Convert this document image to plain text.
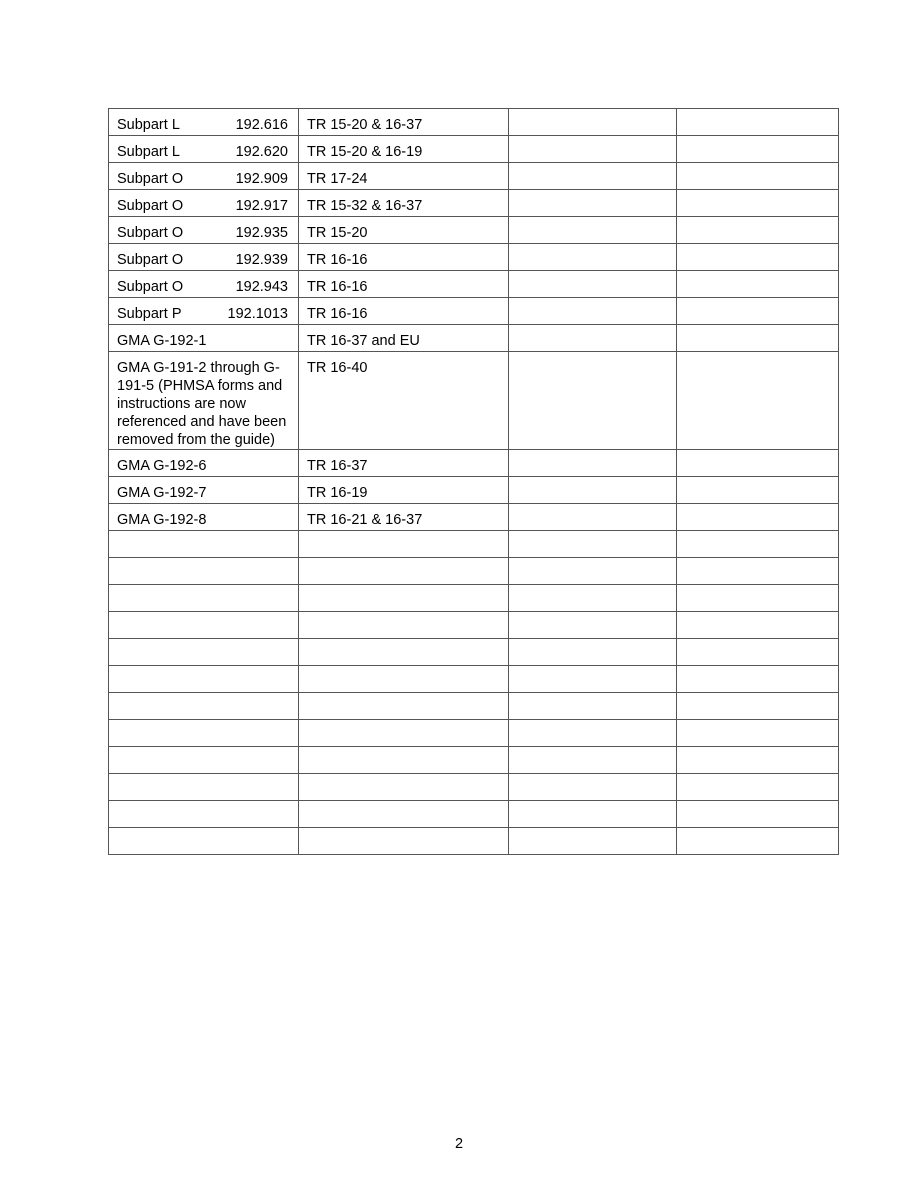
Subpart L 192.616	TR 15-20 & 16-37		

Subpart L 192.620	TR 15-20 & 16-19		

Subpart O 192.909	TR 17-24		

Subpart O 192.917	TR 15-32 & 16-37		

Subpart O 192.935	TR 15-20		

Subpart O 192.939	TR 16-16		

Subpart O 192.943	TR 16-16		

Subpart P 192.1013	TR 16-16		
GMA G-192-1	TR 16-37 and EU		
GMA G-191-2 through G-191-5 (PHMSA forms and instructions are now referenced and have been removed from the guide)	TR 16-40		
GMA G-192-6	TR 16-37		
GMA G-192-7	TR 16-19		
GMA G-192-8	TR 16-21 & 16-37		

2
